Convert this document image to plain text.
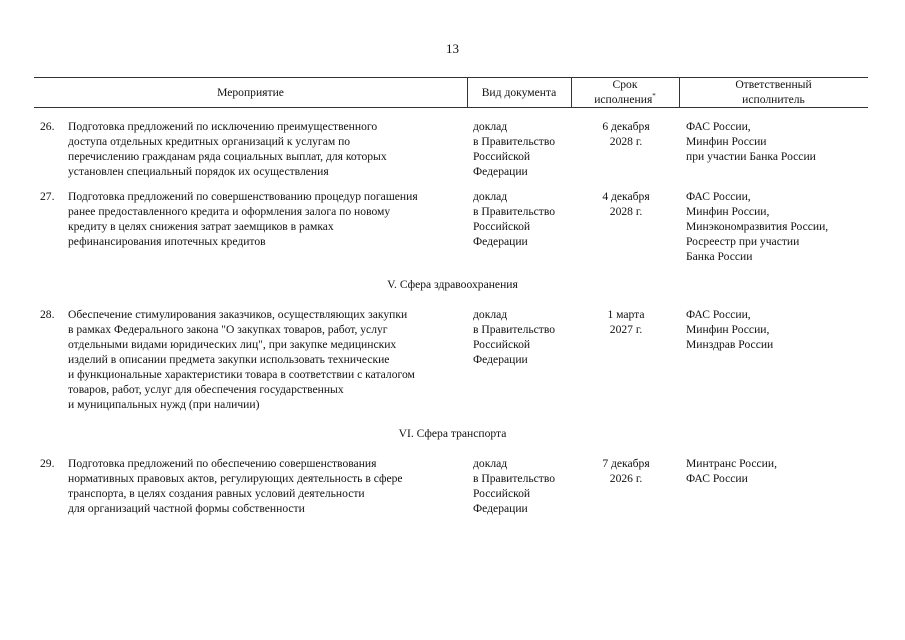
13
Мероприятие	Вид документа
Срок
исполнения*
Ответственный
исполнитель
26. Подготовка предложений по исключению преимущественного
доступа отдельных кредитных организаций к услугам по
перечислению гражданам ряда социальных выплат, для которых
установлен специальный порядок их осуществления
доклад
в Правительство
Российской
Федерации
6 декабря
2028 г.
ФАС России,
Минфин России
при участии Банка России
27. Подготовка предложений по совершенствованию процедур погашения
ранее предоставленного кредита и оформления залога по новому
кредиту в целях снижения затрат заемщиков в рамках
рефинансирования ипотечных кредитов
доклад
в Правительство
Российской
Федерации
4 декабря
2028 г.
ФАС России,
Минфин России,
Минэкономразвития России,
Росреестр при участии
Банка России
V. Сфера здравоохранения
28. Обеспечение стимулирования заказчиков, осуществляющих закупки
в рамках Федерального закона "О закупках товаров, работ, услуг
отдельными видами юридических лиц", при закупке медицинских
изделий в описании предмета закупки использовать технические
и функциональные характеристики товара в соответствии с каталогом
товаров, работ, услуг для обеспечения государственных
и муниципальных нужд (при наличии)
доклад
в Правительство
Российской
Федерации
1 марта
2027 г.
ФАС России,
Минфин России,
Минздрав России
VI. Сфера транспорта
29. Подготовка предложений по обеспечению совершенствования
нормативных правовых актов, регулирующих деятельность в сфере
транспорта, в целях создания равных условий деятельности
для организаций частной формы собственности
доклад
в Правительство
Российской
Федерации
7 декабря
2026 г.
Минтранс России,
ФАС России
